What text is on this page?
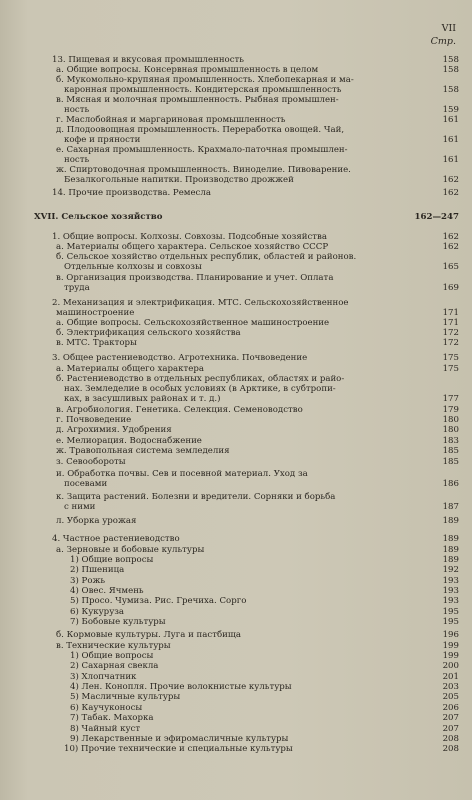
VII
Стр.
13. Пищевая и вкусовая промышленность	158
а. Общие вопросы. Консервная промышленность в целом	158
б. Мукомольно-крупяная промышленность. Хлебопекарная и ма-
каронная промышленность. Кондитерская промышленность	158
в. Мясная и молочная промышленность. Рыбная промышлен-
ность	159
г. Маслобойная и маргариновая промышленность	161
д. Плодоовощная промышленность. Переработка овощей. Чай,
кофе и пряности	161
е. Сахарная промышленность. Крахмало-паточная промышлен-
ность	161
ж. Спиртоводочная промышленность. Виноделие. Пивоварение.
Безалкогольные напитки. Производство дрожжей	162
14. Прочие производства. Ремесла	162
XVII. Сельское хозяйство	162—247
1. Общие вопросы. Колхозы. Совхозы. Подсобные хозяйства	162
а. Материалы общего характера. Сельское хозяйство СССР	162
б. Сельское хозяйство отдельных республик, областей и районов.
Отдельные колхозы и совхозы	165
в. Организация производства. Планирование и учет. Оплата
труда	169
2. Механизация и электрификация. МТС. Сельскохозяйственное
машиностроение	171
а. Общие вопросы. Сельскохозяйственное машиностроение	171
б. Электрификация сельского хозяйства	172
в. МТС. Тракторы	172
3. Общее растениеводство. Агротехника. Почвоведение	175
а. Материалы общего характера	175
б. Растениеводство в отдельных республиках, областях и райо-
нах. Земледелие в особых условиях (в Арктике, в субтропи-
ках, в засушливых районах и т. д.)	177
в. Агробиология. Генетика. Селекция. Семеноводство	179
г. Почвоведение	180
д. Агрохимия. Удобрения	180
е. Мелиорация. Водоснабжение	183
ж. Травопольная система земледелия	185
з. Севообороты	185
и. Обработка почвы. Сев и посевной материал. Уход за
посевами	186
к. Защита растений. Болезни и вредители. Сорняки и борьба
с ними	187
л. Уборка урожая	189
4. Частное растениеводство	189
а. Зерновые и бобовые культуры	189
1) Общие вопросы	189
2) Пшеница	192
3) Рожь	193
4) Овес. Ячмень	193
5) Просо. Чумиза. Рис. Гречиха. Сорго	193
6) Кукуруза	195
7) Бобовые культуры	195
б. Кормовые культуры. Луга и пастбища	196
в. Технические культуры	199
1) Общие вопросы	199
2) Сахарная свекла	200
3) Хлопчатник	201
4) Лен. Конопля. Прочие волокнистые культуры	203
5) Масличные культуры	205
6) Каучуконосы	206
7) Табак. Махорка	207
8) Чайный куст	207
9) Лекарственные и эфиромасличные культуры	208
10) Прочие технические и специальные культуры	208
